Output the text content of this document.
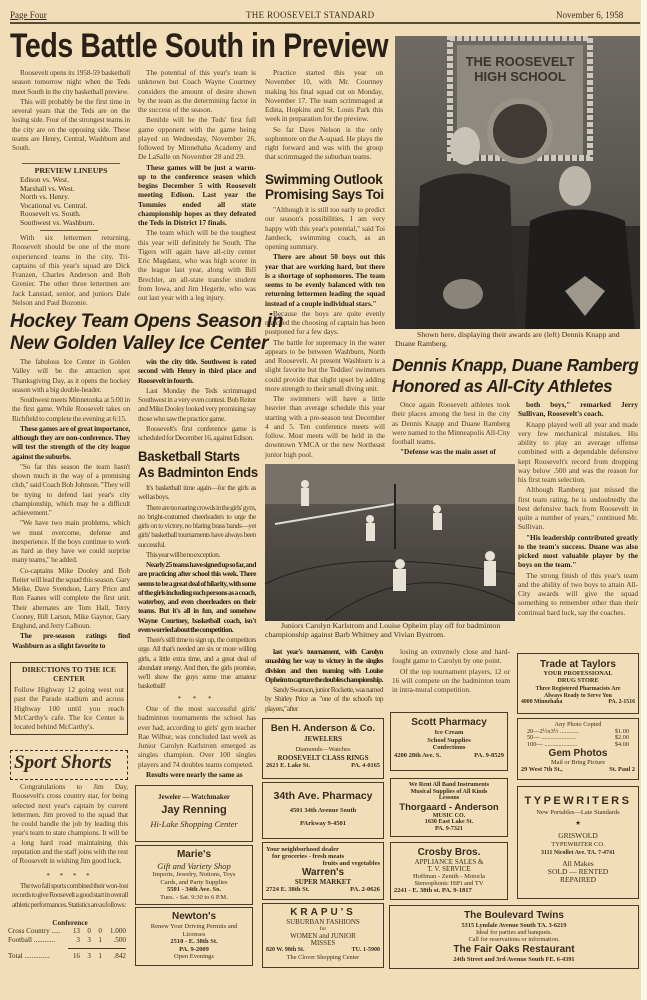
Page Four	THE ROOSEVELT STANDARD	November 6, 1958
Teds Battle South in Preview

Roosevelt opens its 1958-59 basketball season tomorrow night when the Teds meet South in the city basketball preview.

This will probably be the first time in several years that the Teds are on the losing side. Four of the strongest teams in the city are on the opposing side. These teams are Henry, Central, Washburn and South.

PREVIEW LINEUPS
Edison vs. West.
Marshall vs. West.
North vs. Henry.
Vocational vs. Central.
Roosevelt vs. South.
Southwest vs. Washburn.

With six lettermen returning, Roosevelt should be one of the more experienced teams in the city. Tri-captains of this year's squad are Dick Franzen, Charles Anderson and Bob Grenier. The other three lettermen are Jack Lanstad, senior, and juniors Dale Nelson and Paul Bozonie.

The potential of this year's team is unknown but Coach Wayne Courtney considers the amount of desire shown by the team as the determining factor in the success of the season.

Benilde will be the Teds' first full game opponent with the game being played on Wednesday, November 26, followed by Minnehaha Academy and De LaSalle on November 28 and 29.

These games will be just a warm-up to the conference season which begins December 5 with Roosevelt meeting Edison. Last year the Tommies ended all state championship hopes as they defeated the Teds in District 17 finals.

The team which will be the toughest this year will definitely be South. The Tigers will again have all-city center Eric Magdanz, who was high scorer in the league last year, along with Bill Brechler, an all-state transfer student from Iowa, and Jim Hegerle, who was out last year with a leg injury.

Practice started this year on November 10, with Mr. Courtney making his final squad cut on Monday, November 17. The team scrimmaged at Edina, Hopkins and St. Louis Park this week in preparation for the preview.

So far Dave Nelson is the only sophomore on the A-squad. He plays the right forward and was with the group that scrimmaged the suburban teams.

Swimming Outlook
Promising Says Toi

"Although it is still too early to predict our season's possibilities, I am very happy with this year's potential," said Toi Jambeck, swimming coach, as an opening summary.

There are about 50 boys out this year that are working hard, but there is a shortage of sophomores. The team seems to be evenly balanced with ten returning lettermen leading the squad instead of a couple individual stars."

Because the boys are quite evenly matched the choosing of captain has been postponed for a few days.

The battle for supremacy in the water appears to be between Washburn, North and Roosevelt. At present Washburn is a slight favorite but the Teddies' swimmers could provide that slight upset by adding more strength to their small diving unit.

The swimmers will have a little heavier than average schedule this year starting with a pre-season test December 4 and 5. Ten conference meets will follow. Most meets will be held in the downtown YMCA or the new Northeast junior high pool.

Hockey Team Opens Season in
New Golden Valley Ice Center

The fabulous Ice Center in Golden Valley will be the attraction spot Thanksgiving Day, as it opens the hockey season with a big double-header.

Southwest meets Minnetonka at 5:00 in the first game. While Roosevelt takes on Richfield to complete the evening at 6:15.

These games are of great importance, although they are non-conference. They will test the strength of the city league against the suburbs.

"So far this season the team hasn't shown much in the way of a promising club," said Coach Bob Johnson. "They will be trying to defend last year's city championship, which may be a difficult achievement."

"We have two main problems, which we must overcome, defense and inexperience. If the boys continue to work as hard as they have we could surprise many teams," he added.

Co-captains Mike Dooley and Bob Reiter will lead the squad this season. Gary Meike, Dave Svendson, Larry Price and Ron Faanes will complete the first unit. Their alternates are Tom Hall, Terry Cooney, Bill Larson, Mike Gaynor, Gary Englund, and Jerry Calhoun.

The pre-season ratings find Washburn as a slight favorite to

win the city title. Southwest is rated second with Henry in third place and Roosevelt in fourth.

Last Monday the Teds scrimmaged Southwest in a very even contest. Bob Reiter and Mike Dooley looked very promising say those who saw the practice game.

Roosevelt's first conference game is scheduled for December 16, against Edison.

DIRECTIONS TO THE ICE CENTER
Follow Highway 12 going west out past the Parade stadium and across Highway 100 until you reach McCarthy's cafe. The Ice Center is located behind McCarthy's.
Sport Shorts

Congratulations to Jim Day, Roosevelt's cross country star, for being selected next year's captain by current lettermen. Jim proved to the squad that he could handle the job by leading this year's team to state champions. It will be a long hard road maintaining this reputation and the staff joins with the rest of Roosevelt in wishing Jim good luck.

* * * *

The two fall sports combined their won-lost records to give Roosevelt a good start in overall athletic performances. Statistics are as follows:

Conference
Cross Country .....	13	0	0	1.000
Football ............	3	3	1	.500
Total ..............	16	3	1	.842
Basketball Starts
As Badminton Ends

It's basketball time again—for the girls as well as boys.

There are no roaring crowds in the girls' gym, no bright-costumed cheerleaders to urge the girls on to victory, no blaring brass bands—yet girls' basketball tournaments have always been successful.

This year will be no exception.

Nearly 25 teams have signed up so far, and are practicing after school this week. There seems to be a great deal of hilarity, with some of the girls including such persons as a coach, waterboy, and even cheerleaders on their teams. But it's all in fun, and somehow Wayne Courtney, basketball coach, isn't even worried about the competition.

There's still time to sign up, the competitors urge. All that's needed are six or more willing girls, a little extra time, and a great deal of abundant energy. And then, the girls promise, we'll show the guys some true amateur basketball!

* * *

One of the most successful girls' badminton tournaments the school has ever had, according to girls' gym teacher Rae Wilbur, was concluded last week as Junior Carolyn Karlstrom emerged as singles champion. Over 100 singles players and 74 doubles teams competed.

Results were nearly the same as

Juniors Carolyn Karlstrom and Louise Opheim play off for badminton championship against Barb Whitney and Vivian Bystrom.

last year's tournament, with Carolyn smashing her way to victory in the singles division and then teaming with Louise Opheim to capture the doubles championship.

Sandy Swanson, junior Rockette, was named by Shirley Price as "one of the school's top players," after

losing an extremely close and hard-fought game to Carolyn by one point.

Of the top tournament players, 12 or 16 will compete on the badminton team in intra-mural competition.

THE ROOSEVELT
HIGH SCHOOL
Shown here, displaying their awards are (left) Dennis Knapp and Duane Ramberg.
Dennis Knapp, Duane Ramberg
Honored as All-City Athletes

Once again Roosevelt athletes took their places among the best in the city as Dennis Knapp and Duane Ramberg were named to the Minneapolis All-City football teams.

"Defense was the main asset of

both boys," remarked Jerry Sullivan, Roosevelt's coach.

Knapp played well all year and made very few mechanical mistakes. His ability to play an average offense combined with a dependable defensive kept Roosevelt's record from dropping way below .500 and was the reason for his first team selection.

Although Ramberg just missed the first team rating, he is undoubtedly the best defensive back from Roosevelt in quite a number of years," continued Mr. Sullivan.

"His leadership contributed greatly to the team's success. Duane was also picked most valuable player by the boys on the team."

The strong finish of this year's team and the ability of two boys to attain All-City awards will give the squad something to remember other than their continual hard luck, say the coaches.

Jeweler — Watchmaker
Jay Renning
Hi-Lake Shopping Center
Marie's
Gift and Variety Shop
Imports, Jewelry, Notions, Toys Cards, and Party Supplies
5501 - 34th Ave. So.
Tues. - Sat. 9:30 to 6 P.M.
Newton's
Renew Your Driving Permits and Licenses
2510 - E. 38th St.
PA. 9-2009
Open Evenings
Ben H. Anderson & Co.
JEWELERS
Diamonds—Watches
ROOSEVELT CLASS RINGS
2621 E. Lake St.	PA. 4-0165
34th Ave. Pharmacy
4501 34th Avenue South
PArkway 9-4501
Your neighborhood dealer
for groceries - fresh meats
fruits and vegetables
Warren's
SUPER MARKET
2724 E. 38th St.	PA. 2-0626
KRAPU'S
SUBURBAN FASHIONS
for
WOMEN and JUNIOR
MISSES
820 W. 98th St.	TU. 1-5900
The Clover Shopping Center
Scott Pharmacy
Ice Cream
School Supplies
Confections
4200 28th Ave. S.	PA. 9-8529
We Rent All Band Instruments
Musical Supplies of All Kinds
Lessons
Thorgaard - Anderson
MUSIC CO.
1630 East Lake St.
PA. 9-7321
Crosby Bros.
APPLIANCE SALES &
T. V. SERVICE
Hoffman - Zenith - Motorla
Stereophonic HiFi and TV
2241 - E. 38th st. PA. 9-1817
Trade at Taylors
YOUR PROFESSIONAL
DRUG STORE
Three Registered Pharmacists Are Always Ready to Serve You
4000 Minnehaha	PA. 2-1516
Any Photo Copied
20—2½x3½ ............	$1.00
50— ......................	$2.00
100— .....................	$4.00
Gem Photos
Mail or Bring Picture
29 West 7th St.,	St. Paul 2
TYPEWRITERS
New Portables—Late Standards
★
GRISWOLD
TYPEWRITER CO.
3111 Nicollet Ave. TA. 7-4741
All Makes
SOLD — RENTED
REPAIRED
The Boulevard Twins
5315 Lyndale Avenue South TA. 3-6219
Ideal for parties and banquets.
Call for reservations or information.
The Fair Oaks Restaurant
24th Street and 3rd Avenue South FE. 6-4391
